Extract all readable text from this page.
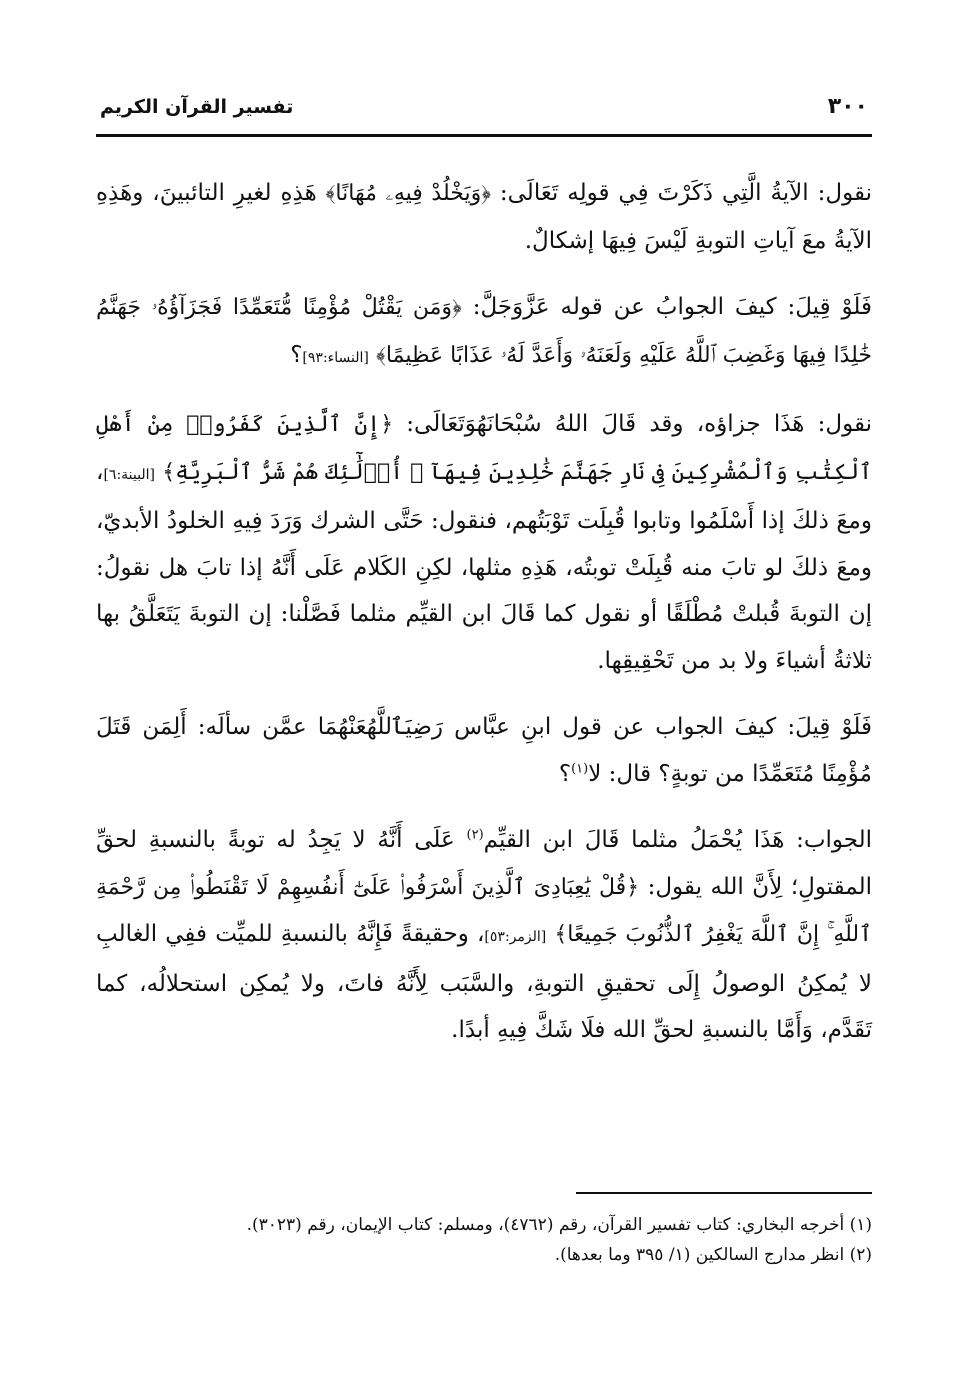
٣٠٠
تفسير القرآن الكريم

نقول: الآيةُ الَّتِي ذَكَرْتَ فِي قولِه تَعَالَى: ﴿وَيَخْلُدْ فِيهِۦ مُهَانًا﴾ هَذِهِ لغيرِ التائبينَ، وهَذِهِ الآيةُ معَ آياتِ التوبةِ لَيْسَ فِيهَا إشكالٌ.

فَلَوْ قِيلَ: كيفَ الجوابُ عن قوله عَزَّوَجَلَّ: ﴿وَمَن يَقْتُلْ مُؤْمِنًا مُّتَعَمِّدًا فَجَزَآؤُهُۥ جَهَنَّمُ خَٰلِدًا فِيهَا وَغَضِبَ ٱللَّهُ عَلَيْهِ وَلَعَنَهُۥ وَأَعَدَّ لَهُۥ عَذَابًا عَظِيمًا﴾ [النساء:٩٣]؟

نقول: هَذَا جزاؤه، وقد قَالَ اللهُ سُبْحَانَهُوَتَعَالَى: ﴿إِنَّ ٱلَّذِينَ كَفَرُوا۟ مِنْ أَهْلِ ٱلْكِتَٰبِ وَٱلْمُشْرِكِينَ فِى نَارِ جَهَنَّمَ خَٰلِدِينَ فِيهَآ ۚ أُو۟لَٰٓئِكَ هُمْ شَرُّ ٱلْبَرِيَّةِ﴾ [البينة:٦]، ومعَ ذلكَ إذا أَسْلَمُوا وتابوا قُبِلَت تَوْبَتُهم، فنقول: حَتَّى الشرك وَرَدَ فِيهِ الخلودُ الأبديّ، ومعَ ذلكَ لو تابَ منه قُبِلَتْ توبتُه، هَذِهِ مثلها، لكِنِ الكَلام عَلَى أَنَّهُ إذا تابَ هل نقولُ: إن التوبةَ قُبلتْ مُطْلَقًا أو نقول كما قَالَ ابن القيِّم مثلما فَصَّلْنا: إن التوبةَ يَتَعَلَّقُ بها ثلاثةُ أشياءَ ولا بد من تَحْقِيقِها.

فَلَوْ قِيلَ: كيفَ الجواب عن قول ابنِ عبَّاس رَضِيَٱللَّهُعَنْهُمَا عمَّن سألَه: أَلِمَن قَتَلَ مُؤْمِنًا مُتَعَمِّدًا من توبةٍ؟ قال: لا$^{(١)}$؟

الجواب: هَذَا يُحْمَلُ مثلما قَالَ ابن القيِّم$^{(٢)}$ عَلَى أَنَّهُ لا يَجِدُ له توبةً بالنسبةِ لحقِّ المقتولِ؛ لِأَنَّ الله يقول: ﴿قُلْ يَٰعِبَادِىَ ٱلَّذِينَ أَسْرَفُوا۟ عَلَىٰٓ أَنفُسِهِمْ لَا تَقْنَطُوا۟ مِن رَّحْمَةِ ٱللَّهِ ۚ إِنَّ ٱللَّهَ يَغْفِرُ ٱلذُّنُوبَ جَمِيعًا﴾ [الزمر:٥٣]، وحقيقةً فَإِنَّهُ بالنسبةِ للميِّت ففِي الغالبِ لا يُمكِنُ الوصولُ إِلَى تحقيقِ التوبةِ، والسَّبَب لِأَنَّهُ فاتَ، ولا يُمكِن استحلالُه، كما تَقَدَّم، وَأَمَّا بالنسبةِ لحقِّ الله فلَا شَكَّ فِيهِ أبدًا.

(١) أخرجه البخاري: كتاب تفسير القرآن، رقم (٤٧٦٢)، ومسلم: كتاب الإيمان، رقم (٣٠٢٣).
(٢) انظر مدارج السالكين (١/ ٣٩٥ وما بعدها).
